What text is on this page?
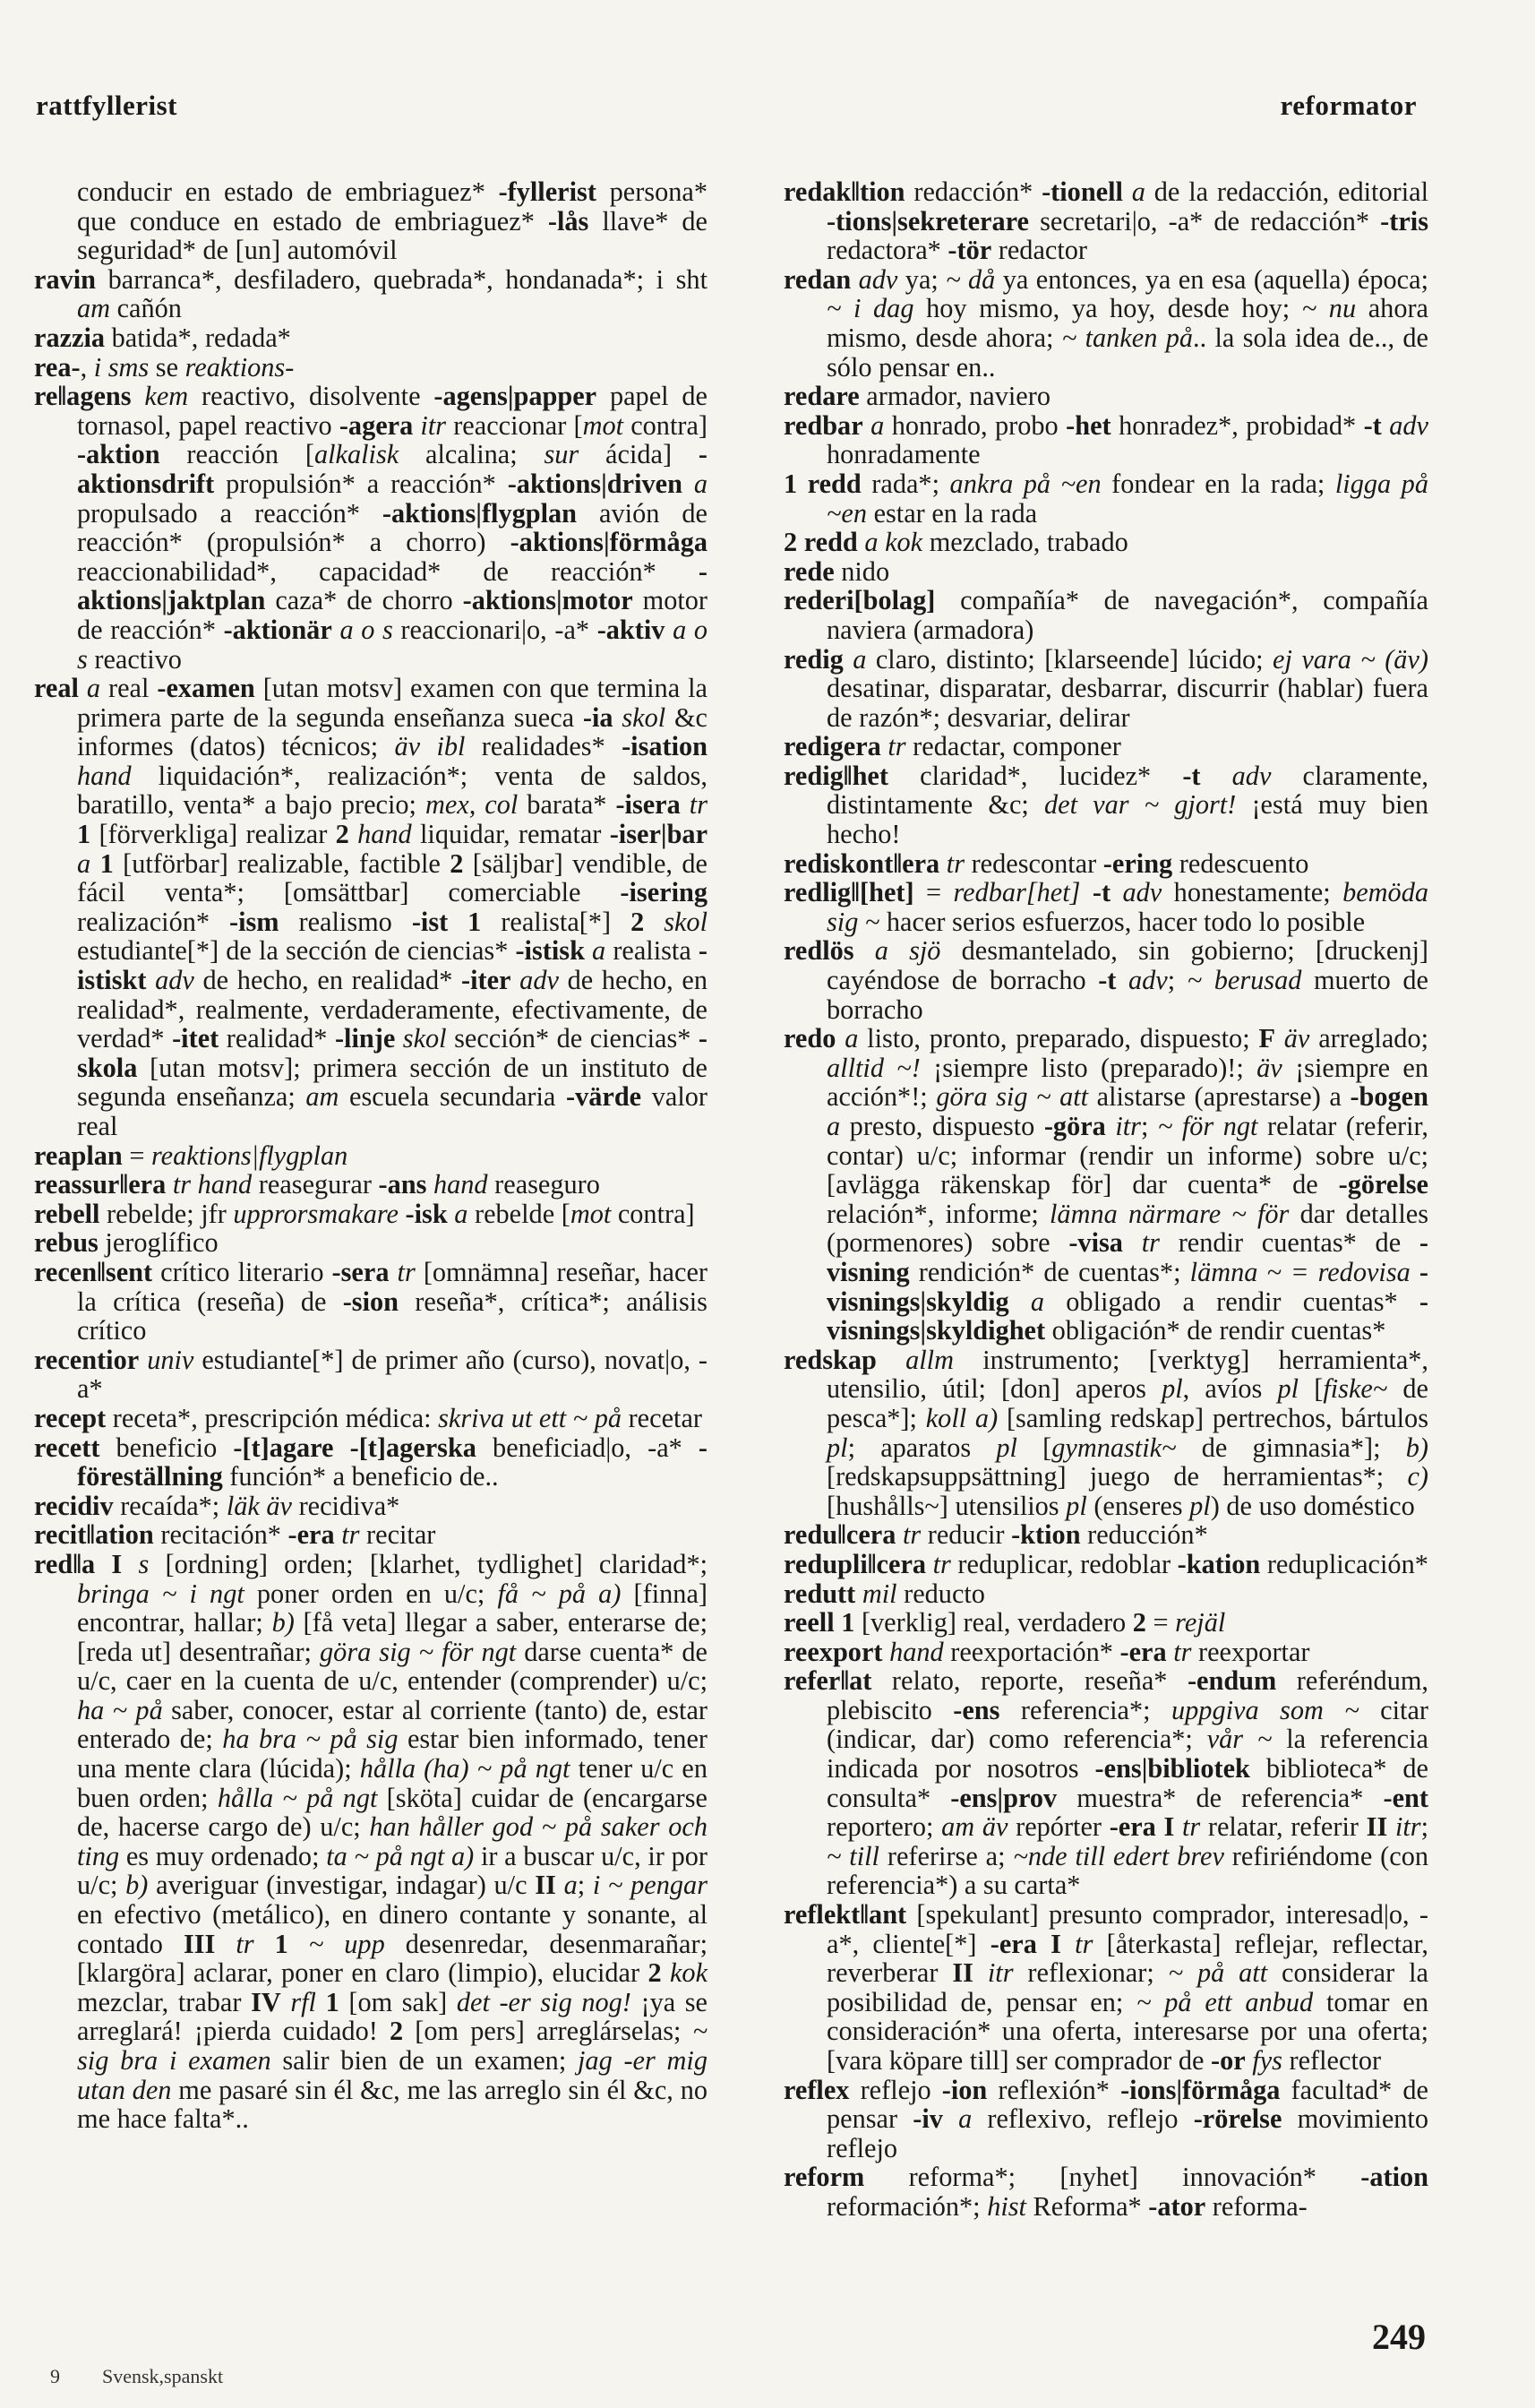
rattfyllerist	reformator

conducir en estado de embriaguez* -fyllerist persona* que conduce en estado de embriaguez* -lås llave* de seguridad* de [un] automóvil

ravin barranca*, desfiladero, quebrada*, hondanada*; i sht am cañón

razzia batida*, redada*

rea-, i sms se reaktions-

re‖agens kem reactivo, disolvente -agens|papper papel de tornasol, papel reactivo -agera itr reaccionar [mot contra] -aktion reacción [alkalisk alcalina; sur ácida] -aktionsdrift propulsión* a reacción* -aktions|driven a propulsado a reacción* -aktions|flygplan avión de reacción* (propulsión* a chorro) -aktions|förmåga reaccionabilidad*, capacidad* de reacción* -aktions|jaktplan caza* de chorro -aktions|motor motor de reacción* -aktionär a o s reaccionari|o, -a* -aktiv a o s reactivo

real a real -examen [utan motsv] examen con que termina la primera parte de la segunda enseñanza sueca -ia skol &c informes (datos) técnicos; äv ibl realidades* -isation hand liquidación*, realización*; venta de saldos, baratillo, venta* a bajo precio; mex, col barata* -isera tr 1 [förverkliga] realizar 2 hand liquidar, rematar -iser|bar a 1 [utförbar] realizable, factible 2 [säljbar] vendible, de fácil venta*; [omsättbar] comerciable -isering realización* -ism realismo -ist 1 realista[*] 2 skol estudiante[*] de la sección de ciencias* -istisk a realista -istiskt adv de hecho, en realidad* -iter adv de hecho, en realidad*, realmente, verdaderamente, efectivamente, de verdad* -itet realidad* -linje skol sección* de ciencias* -skola [utan motsv]; primera sección de un instituto de segunda enseñanza; am escuela secundaria -värde valor real

reaplan = reaktions|flygplan

reassur‖era tr hand reasegurar -ans hand reaseguro

rebell rebelde; jfr upprorsmakare -isk a rebelde [mot contra]

rebus jeroglífico

recen‖sent crítico literario -sera tr [omnämna] reseñar, hacer la crítica (reseña) de -sion reseña*, crítica*; análisis crítico

recentior univ estudiante[*] de primer año (curso), novat|o, -a*

recept receta*, prescripción médica: skriva ut ett ~ på recetar

recett beneficio -[t]agare -[t]agerska beneficiad|o, -a* -föreställning función* a beneficio de..

recidiv recaída*; läk äv recidiva*

recit‖ation recitación* -era tr recitar

red‖a I s [ordning] orden; [klarhet, tydlighet] claridad*; bringa ~ i ngt poner orden en u/c; få ~ på a) [finna] encontrar, hallar; b) [få veta] llegar a saber, enterarse de; [reda ut] desentrañar; göra sig ~ för ngt darse cuenta* de u/c, caer en la cuenta de u/c, entender (comprender) u/c; ha ~ på saber, conocer, estar al corriente (tanto) de, estar enterado de; ha bra ~ på sig estar bien informado, tener una mente clara (lúcida); hålla (ha) ~ på ngt tener u/c en buen orden; hålla ~ på ngt [sköta] cuidar de (encargarse de, hacerse cargo de) u/c; han håller god ~ på saker och ting es muy ordenado; ta ~ på ngt a) ir a buscar u/c, ir por u/c; b) averiguar (investigar, indagar) u/c II a; i ~ pengar en efectivo (metálico), en dinero contante y sonante, al contado III tr 1 ~ upp desenredar, desenmarañar; [klargöra] aclarar, poner en claro (limpio), elucidar 2 kok mezclar, trabar IV rfl 1 [om sak] det -er sig nog! ¡ya se arreglará! ¡pierda cuidado! 2 [om pers] arreglárselas; ~ sig bra i examen salir bien de un examen; jag -er mig utan den me pasaré sin él &c, me las arreglo sin él &c, no me hace falta*..

redak‖tion redacción* -tionell a de la redacción, editorial -tions|sekreterare secretari|o, -a* de redacción* -tris redactora* -tör redactor

redan adv ya; ~ då ya entonces, ya en esa (aquella) época; ~ i dag hoy mismo, ya hoy, desde hoy; ~ nu ahora mismo, desde ahora; ~ tanken på.. la sola idea de.., de sólo pensar en..

redare armador, naviero

redbar a honrado, probo -het honradez*, probidad* -t adv honradamente

1 redd rada*; ankra på ~en fondear en la rada; ligga på ~en estar en la rada

2 redd a kok mezclado, trabado

rede nido

rederi[bolag] compañía* de navegación*, compañía naviera (armadora)

redig a claro, distinto; [klarseende] lúcido; ej vara ~ (äv) desatinar, disparatar, desbarrar, discurrir (hablar) fuera de razón*; desvariar, delirar

redigera tr redactar, componer

redig‖het claridad*, lucidez* -t adv claramente, distintamente &c; det var ~ gjort! ¡está muy bien hecho!

rediskont‖era tr redescontar -ering redescuento

redlig‖[het] = redbar[het] -t adv honestamente; bemöda sig ~ hacer serios esfuerzos, hacer todo lo posible

redlös a sjö desmantelado, sin gobierno; [druckenj] cayéndose de borracho -t adv; ~ berusad muerto de borracho

redo a listo, pronto, preparado, dispuesto; F äv arreglado; alltid ~! ¡siempre listo (preparado)!; äv ¡siempre en acción*!; göra sig ~ att alistarse (aprestarse) a -bogen a presto, dispuesto -göra itr; ~ för ngt relatar (referir, contar) u/c; informar (rendir un informe) sobre u/c; [avlägga räkenskap för] dar cuenta* de -görelse relación*, informe; lämna närmare ~ för dar detalles (pormenores) sobre -visa tr rendir cuentas* de -visning rendición* de cuentas*; lämna ~ = redovisa -visnings|skyldig a obligado a rendir cuentas* -visnings|skyldighet obligación* de rendir cuentas*

redskap allm instrumento; [verktyg] herramienta*, utensilio, útil; [don] aperos pl, avíos pl [fiske~ de pesca*]; koll a) [samling redskap] pertrechos, bártulos pl; aparatos pl [gymnastik~ de gimnasia*]; b) [redskapsuppsättning] juego de herramientas*; c) [hushålls~] utensilios pl (enseres pl) de uso doméstico

redu‖cera tr reducir -ktion reducción*

redupli‖cera tr reduplicar, redoblar -kation reduplicación*

redutt mil reducto

reell 1 [verklig] real, verdadero 2 = rejäl

reexport hand reexportación* -era tr reexportar

refer‖at relato, reporte, reseña* -endum referéndum, plebiscito -ens referencia*; uppgiva som ~ citar (indicar, dar) como referencia*; vår ~ la referencia indicada por nosotros -ens|bibliotek biblioteca* de consulta* -ens|prov muestra* de referencia* -ent reportero; am äv repórter -era I tr relatar, referir II itr; ~ till referirse a; ~nde till edert brev refiriéndome (con referencia*) a su carta*

reflekt‖ant [spekulant] presunto comprador, interesad|o, -a*, cliente[*] -era I tr [återkasta] reflejar, reflectar, reverberar II itr reflexionar; ~ på att considerar la posibilidad de, pensar en; ~ på ett anbud tomar en consideración* una oferta, interesarse por una oferta; [vara köpare till] ser comprador de -or fys reflector

reflex reflejo -ion reflexión* -ions|förmåga facultad* de pensar -iv a reflexivo, reflejo -rörelse movimiento reflejo

reform reforma*; [nyhet] innovación* -ation reformación*; hist Reforma* -ator reforma-

9 Svensk,spanskt
249
